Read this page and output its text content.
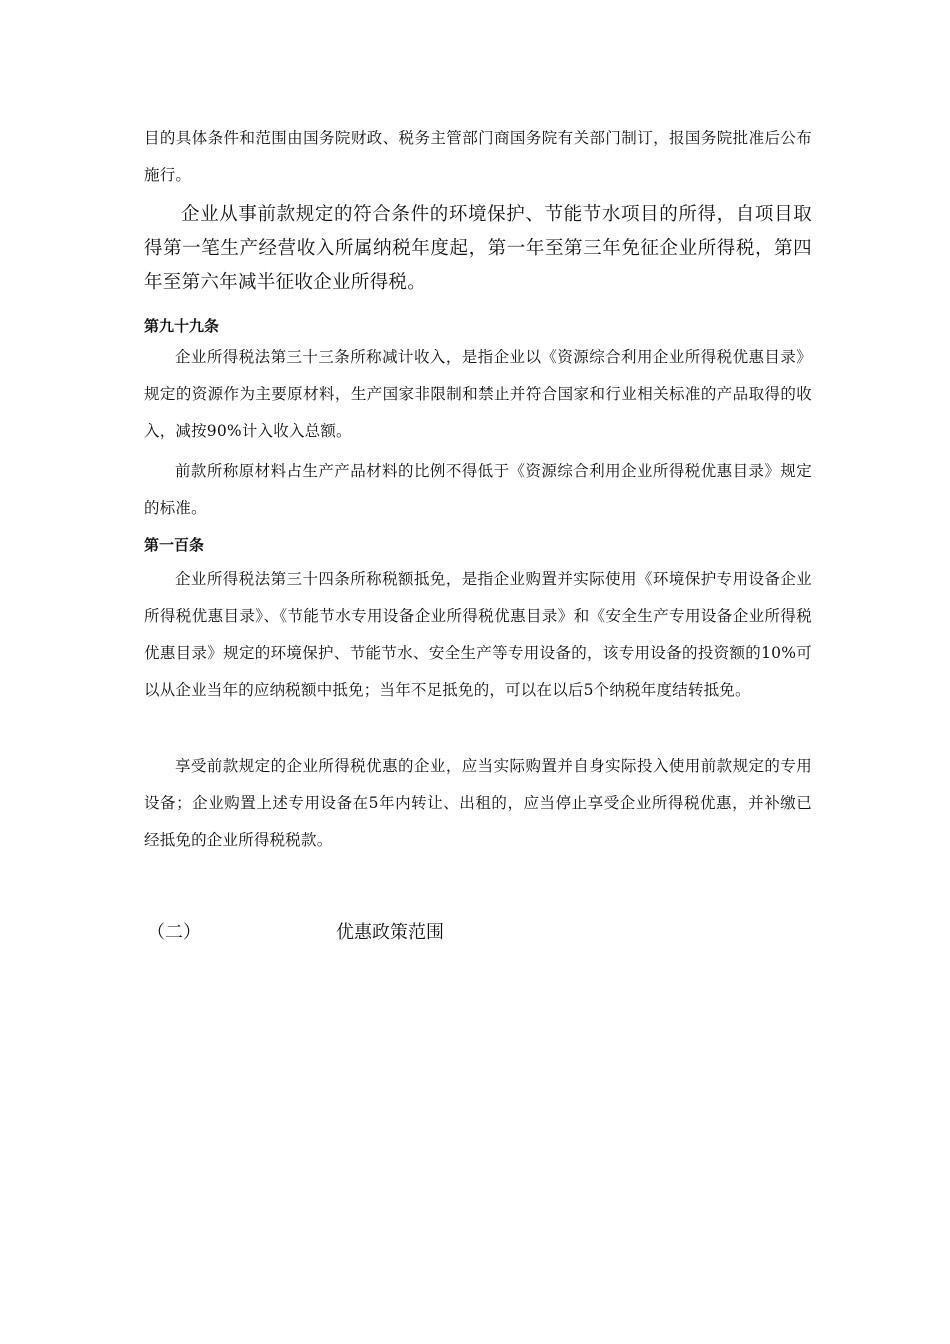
目的具体条件和范围由国务院财政、税务主管部门商国务院有关部门制订，报国务院批准后公布施行。

企业从事前款规定的符合条件的环境保护、节能节水项目的所得，自项目取得第一笔生产经营收入所属纳税年度起，第一年至第三年免征企业所得税，第四年至第六年减半征收企业所得税。

第九十九条

企业所得税法第三十三条所称减计收入，是指企业以《资源综合利用企业所得税优惠目录》规定的资源作为主要原材料，生产国家非限制和禁止并符合国家和行业相关标准的产品取得的收入，减按90%计入收入总额。

前款所称原材料占生产产品材料的比例不得低于《资源综合利用企业所得税优惠目录》规定的标准。

第一百条

企业所得税法第三十四条所称税额抵免，是指企业购置并实际使用《环境保护专用设备企业所得税优惠目录》、《节能节水专用设备企业所得税优惠目录》和《安全生产专用设备企业所得税优惠目录》规定的环境保护、节能节水、安全生产等专用设备的，该专用设备的投资额的10%可以从企业当年的应纳税额中抵免；当年不足抵免的，可以在以后5个纳税年度结转抵免。

享受前款规定的企业所得税优惠的企业，应当实际购置并自身实际投入使用前款规定的专用设备；企业购置上述专用设备在5年内转让、出租的，应当停止享受企业所得税优惠，并补缴已经抵免的企业所得税税款。

（二）	优惠政策范围
